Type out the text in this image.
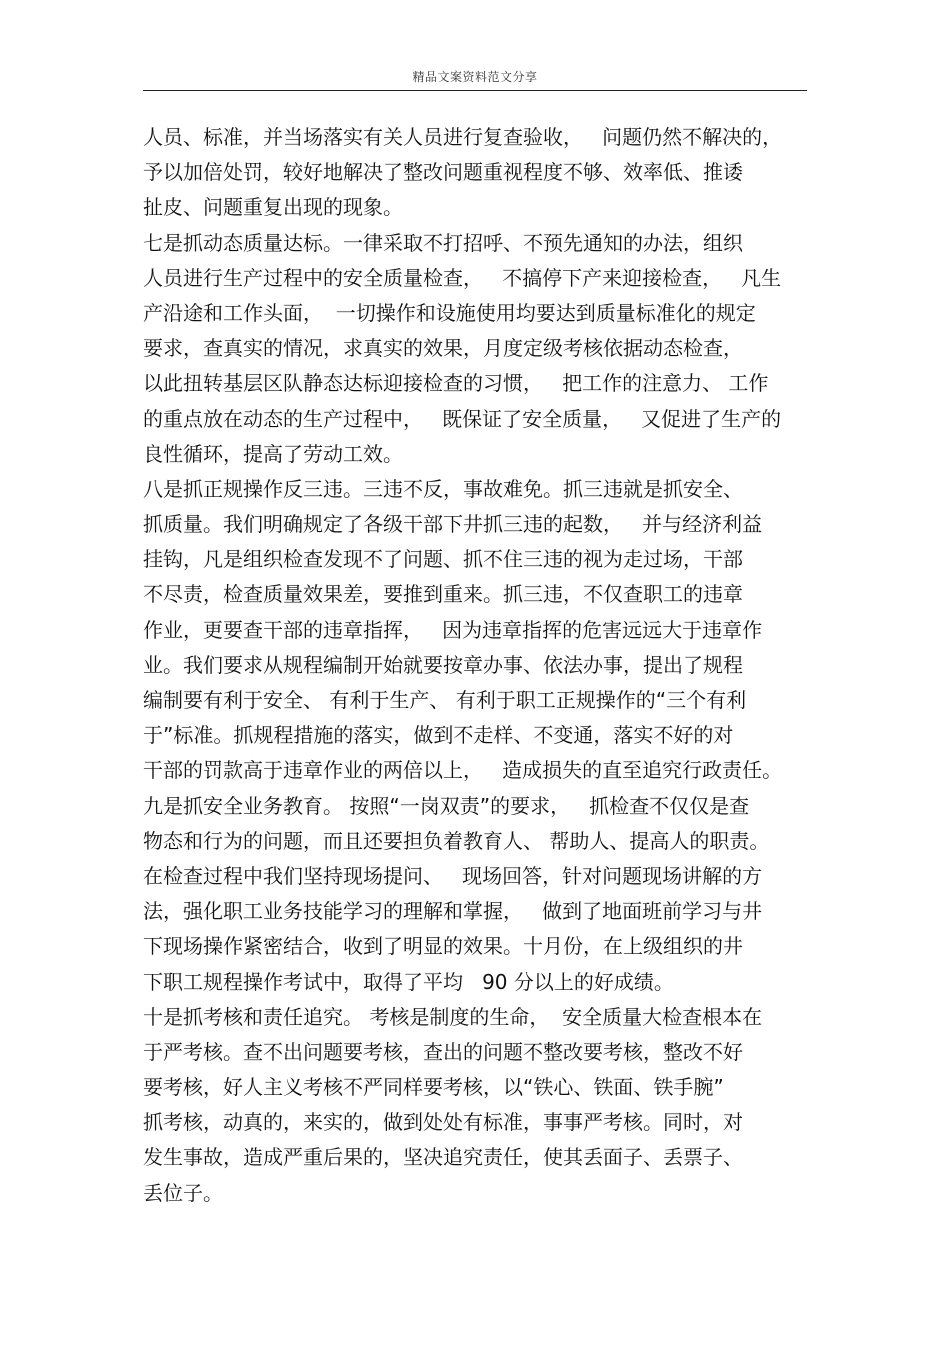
精品文案资料范文分享
人员、标准，并当场落实有关人员进行复查验收，   问题仍然不解决的，
予以加倍处罚，较好地解决了整改问题重视程度不够、效率低、推诿
扯皮、问题重复出现的现象。
七是抓动态质量达标。一律采取不打招呼、不预先通知的办法，组织
人员进行生产过程中的安全质量检查，   不搞停下产来迎接检查，   凡生
产沿途和工作头面，  一切操作和设施使用均要达到质量标准化的规定
要求，查真实的情况，求真实的效果，月度定级考核依据动态检查，
以此扭转基层区队静态达标迎接检查的习惯，   把工作的注意力、 工作
的重点放在动态的生产过程中，   既保证了安全质量，   又促进了生产的
良性循环，提高了劳动工效。
八是抓正规操作反三违。三违不反，事故难免。抓三违就是抓安全、
抓质量。我们明确规定了各级干部下井抓三违的起数，   并与经济利益
挂钩，凡是组织检查发现不了问题、抓不住三违的视为走过场，干部
不尽责，检查质量效果差，要推到重来。抓三违，不仅查职工的违章
作业，更要查干部的违章指挥，   因为违章指挥的危害远远大于违章作
业。我们要求从规程编制开始就要按章办事、依法办事，提出了规程
编制要有利于安全、 有利于生产、 有利于职工正规操作的“三个有利
于”标准。抓规程措施的落实，做到不走样、不变通，落实不好的对
干部的罚款高于违章作业的两倍以上，   造成损失的直至追究行政责任。
九是抓安全业务教育。 按照“一岗双责”的要求，   抓检查不仅仅是查
物态和行为的问题，而且还要担负着教育人、 帮助人、提高人的职责。
在检查过程中我们坚持现场提问、   现场回答，针对问题现场讲解的方
法，强化职工业务技能学习的理解和掌握，   做到了地面班前学习与井
下现场操作紧密结合，收到了明显的效果。十月份，在上级组织的井
下职工规程操作考试中，取得了平均   90 分以上的好成绩。
十是抓考核和责任追究。 考核是制度的生命，  安全质量大检查根本在
于严考核。查不出问题要考核，查出的问题不整改要考核，整改不好
要考核，好人主义考核不严同样要考核，以“铁心、铁面、铁手腕”
抓考核，动真的，来实的，做到处处有标准，事事严考核。同时，对
发生事故，造成严重后果的，坚决追究责任，使其丢面子、丢票子、
丢位子。
